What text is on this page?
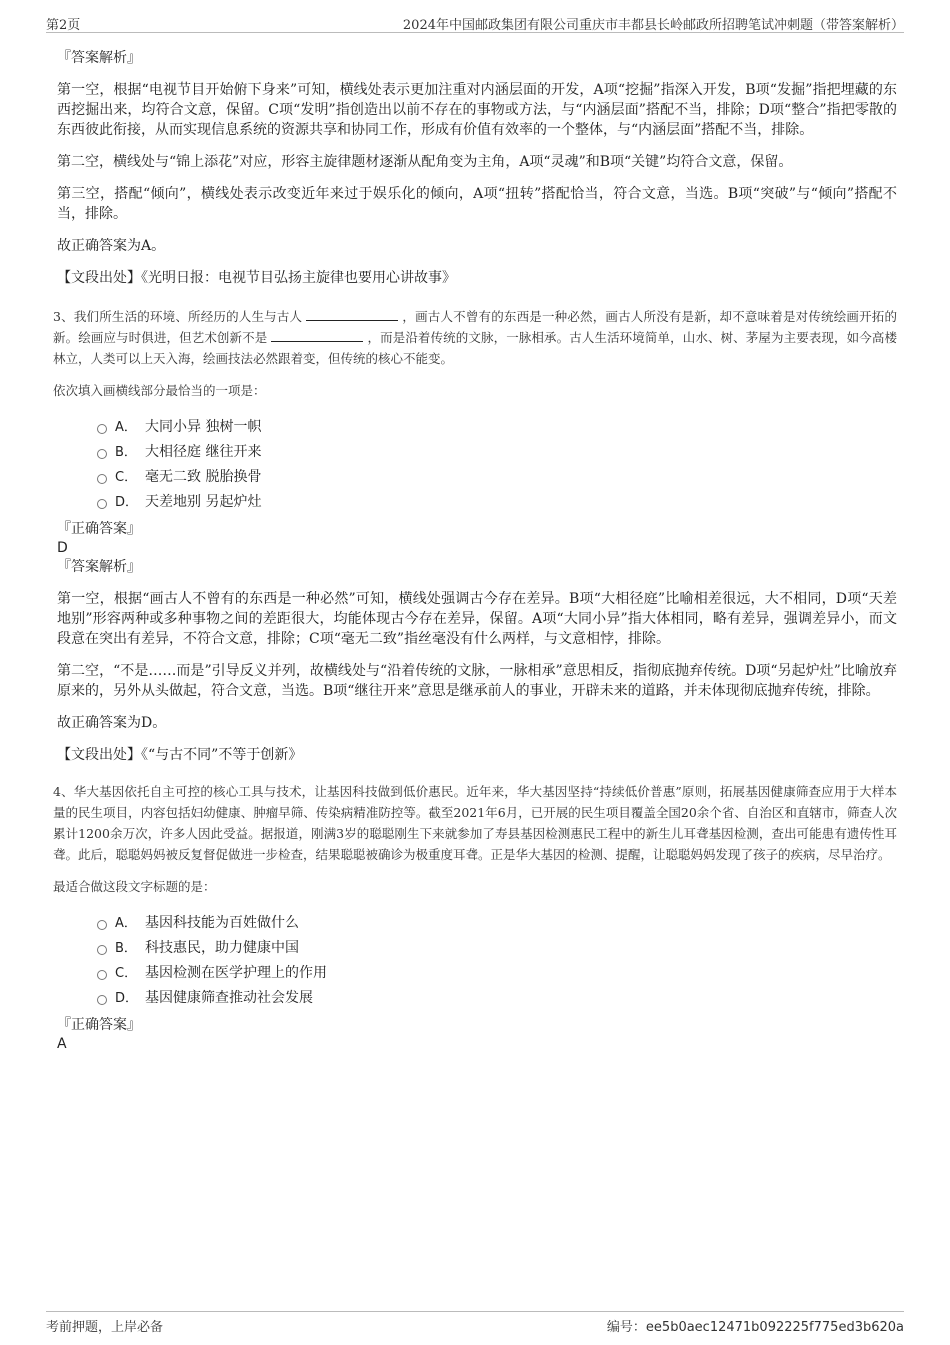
第2页	2024年中国邮政集团有限公司重庆市丰都县长岭邮政所招聘笔试冲刺题（带答案解析）

『答案解析』

第一空，根据“电视节目开始俯下身来”可知，横线处表示更加注重对内涵层面的开发，A项“挖掘”指深入开发，B项“发掘”指把埋藏的东西挖掘出来，均符合文意，保留。C项“发明”指创造出以前不存在的事物或方法，与“内涵层面”搭配不当，排除；D项“整合”指把零散的东西彼此衔接，从而实现信息系统的资源共享和协同工作，形成有价值有效率的一个整体，与“内涵层面”搭配不当，排除。

第二空，横线处与“锦上添花”对应，形容主旋律题材逐渐从配角变为主角，A项“灵魂”和B项“关键”均符合文意，保留。

第三空，搭配“倾向”，横线处表示改变近年来过于娱乐化的倾向，A项“扭转”搭配恰当，符合文意，当选。B项“突破”与“倾向”搭配不当，排除。

故正确答案为A。

【文段出处】《光明日报：电视节目弘扬主旋律也要用心讲故事》

3、我们所生活的环境、所经历的人生与古人	，画古人不曾有的东西是一种必然，画古人所没有是新，却不意味着是对传统绘画开拓的新。绘画应与时俱进，但艺术创新不是	，而是沿着传统的文脉，一脉相承。古人生活环境简单，山水、树、茅屋为主要表现，如今高楼林立，人类可以上天入海，绘画技法必然跟着变，但传统的核心不能变。

依次填入画横线部分最恰当的一项是：

A． 大同小异 独树一帜
B． 大相径庭 继往开来
C． 毫无二致 脱胎换骨
D． 天差地别 另起炉灶

『正确答案』

D

『答案解析』

第一空，根据“画古人不曾有的东西是一种必然”可知，横线处强调古今存在差异。B项“大相径庭”比喻相差很远，大不相同，D项“天差地别”形容两种或多种事物之间的差距很大，均能体现古今存在差异，保留。A项“大同小异”指大体相同，略有差异，强调差异小，而文段意在突出有差异，不符合文意，排除；C项“毫无二致”指丝毫没有什么两样，与文意相悖，排除。

第二空，“不是……而是”引导反义并列，故横线处与“沿着传统的文脉，一脉相承”意思相反，指彻底抛弃传统。D项“另起炉灶”比喻放弃原来的，另外从头做起，符合文意，当选。B项“继往开来”意思是继承前人的事业，开辟未来的道路，并未体现彻底抛弃传统，排除。

故正确答案为D。

【文段出处】《“与古不同”不等于创新》

4、华大基因依托自主可控的核心工具与技术，让基因科技做到低价惠民。近年来，华大基因坚持“持续低价普惠”原则，拓展基因健康筛查应用于大样本量的民生项目，内容包括妇幼健康、肿瘤早筛、传染病精准防控等。截至2021年6月，已开展的民生项目覆盖全国20余个省、自治区和直辖市，筛查人次累计1200余万次，许多人因此受益。据报道，刚满3岁的聪聪刚生下来就参加了寿县基因检测惠民工程中的新生儿耳聋基因检测，查出可能患有遗传性耳聋。此后，聪聪妈妈被反复督促做进一步检查，结果聪聪被确诊为极重度耳聋。正是华大基因的检测、提醒，让聪聪妈妈发现了孩子的疾病，尽早治疗。

最适合做这段文字标题的是：

A． 基因科技能为百姓做什么
B． 科技惠民，助力健康中国
C． 基因检测在医学护理上的作用
D． 基因健康筛查推动社会发展

『正确答案』

A

考前押题，上岸必备	编号：ee5b0aec12471b092225f775ed3b620a
